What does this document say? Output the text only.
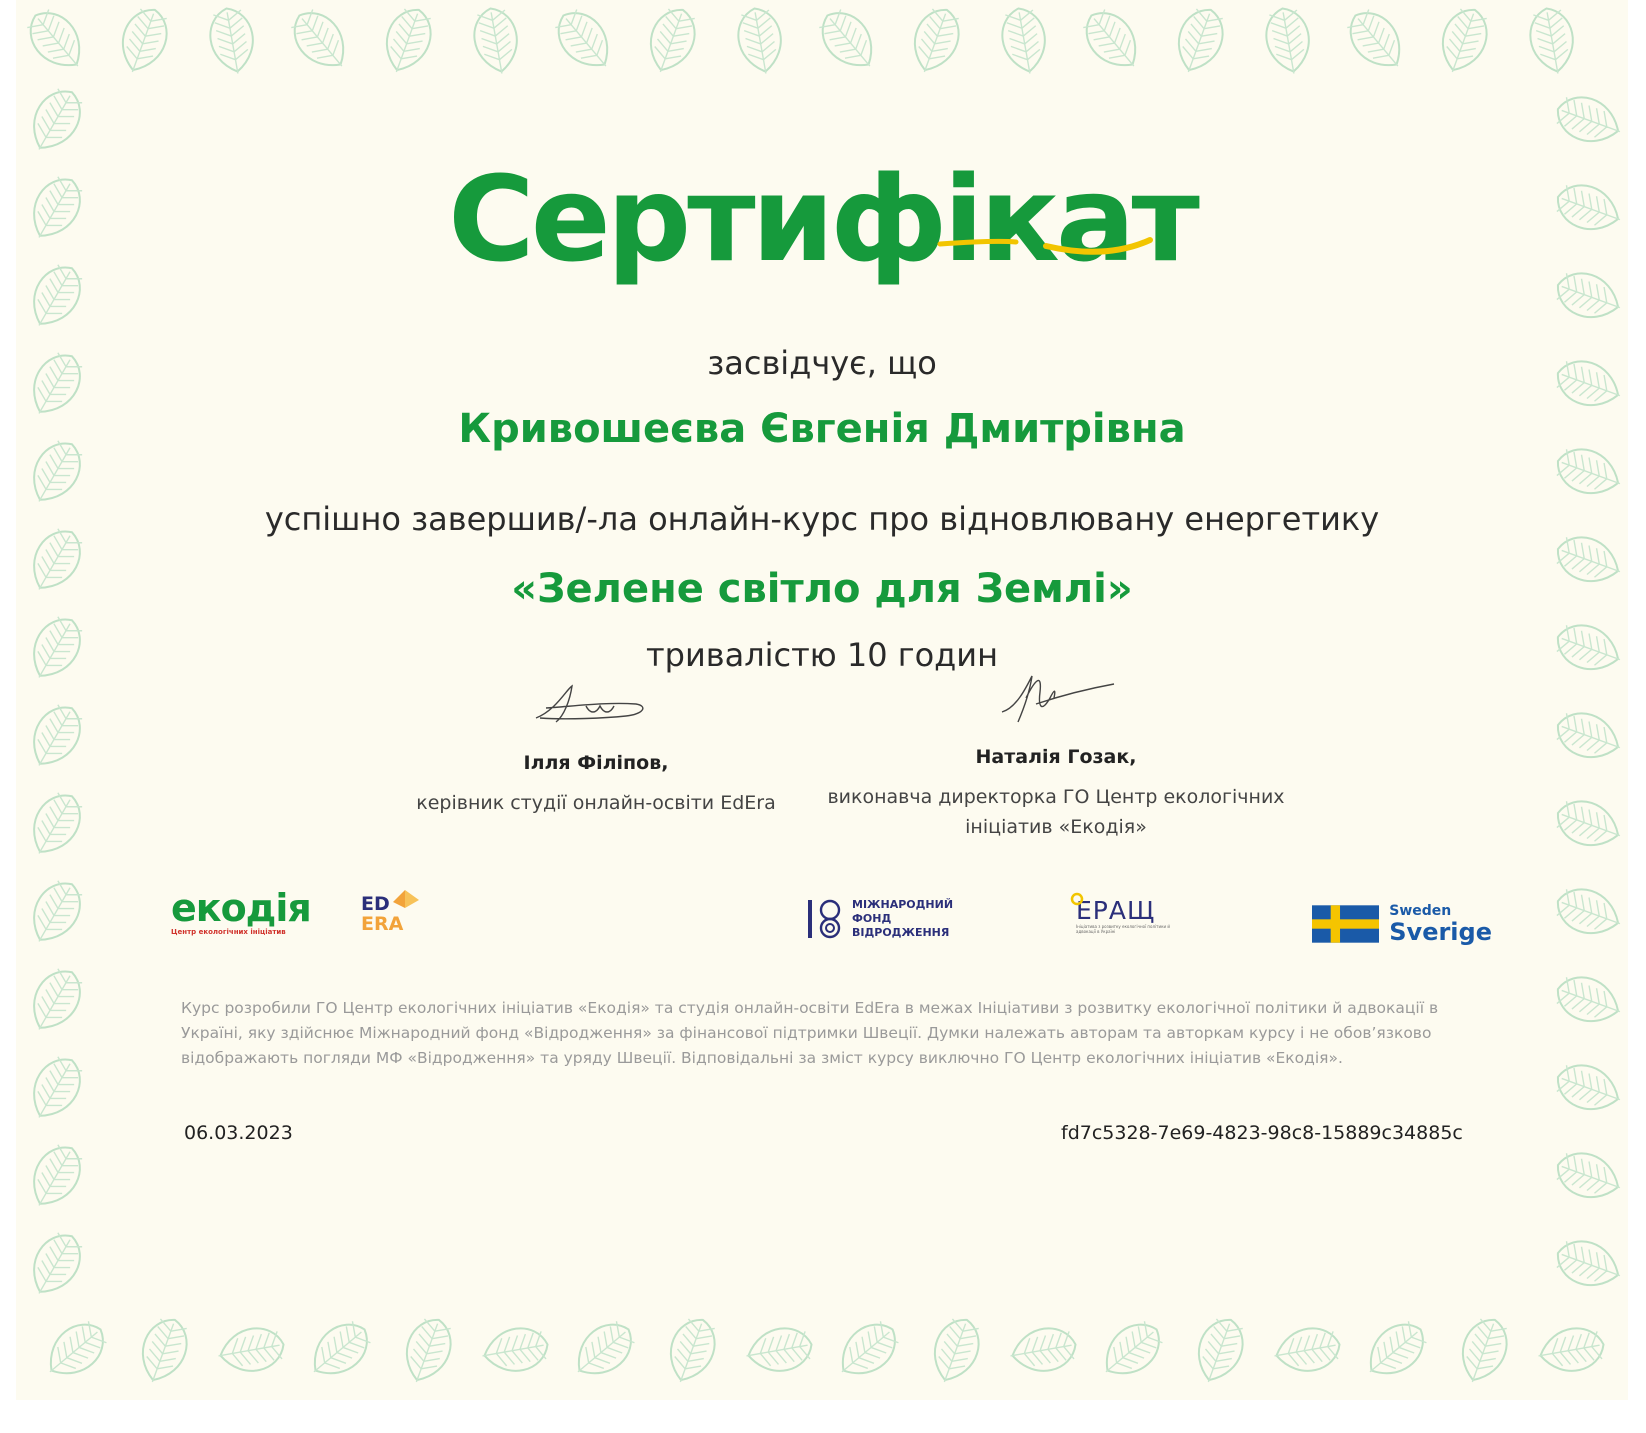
Сертифікат
засвідчує, що
Кривошеєва Євгенія Дмитрівна
успішно завершив/-ла онлайн-курс про відновлювану енергетику
«Зелене світло для Землі»
тривалістю 10 годин
Ілля Філіпов,
керівник студії онлайн-освіти EdEra
Наталія Гозак,
виконавча директорка ГО Центр екологічних
ініціатив «Екодія»
екодія
Центр екологічних ініціатив
ED
ERA
МІЖНАРОДНИЙ
ФОНД
ВІДРОДЖЕННЯ
ЕРАЩ
Ініціатива з розвитку екологічної політики й адвокації в Україні
Sweden
Sverige
Курс розробили ГО Центр екологічних ініціатив «Екодія» та студія онлайн-освіти EdEra в межах Ініціативи з розвитку екологічної політики й адвокації в Україні, яку здійснює Міжнародний фонд «Відродження» за фінансової підтримки Швеції. Думки належать авторам та авторкам курсу і не обов’язково відображають погляди МФ «Відродження» та уряду Швеції. Відповідальні за зміст курсу виключно ГО Центр екологічних ініціатив «Екодія».
06.03.2023	fd7c5328-7e69-4823-98c8-15889c34885c
